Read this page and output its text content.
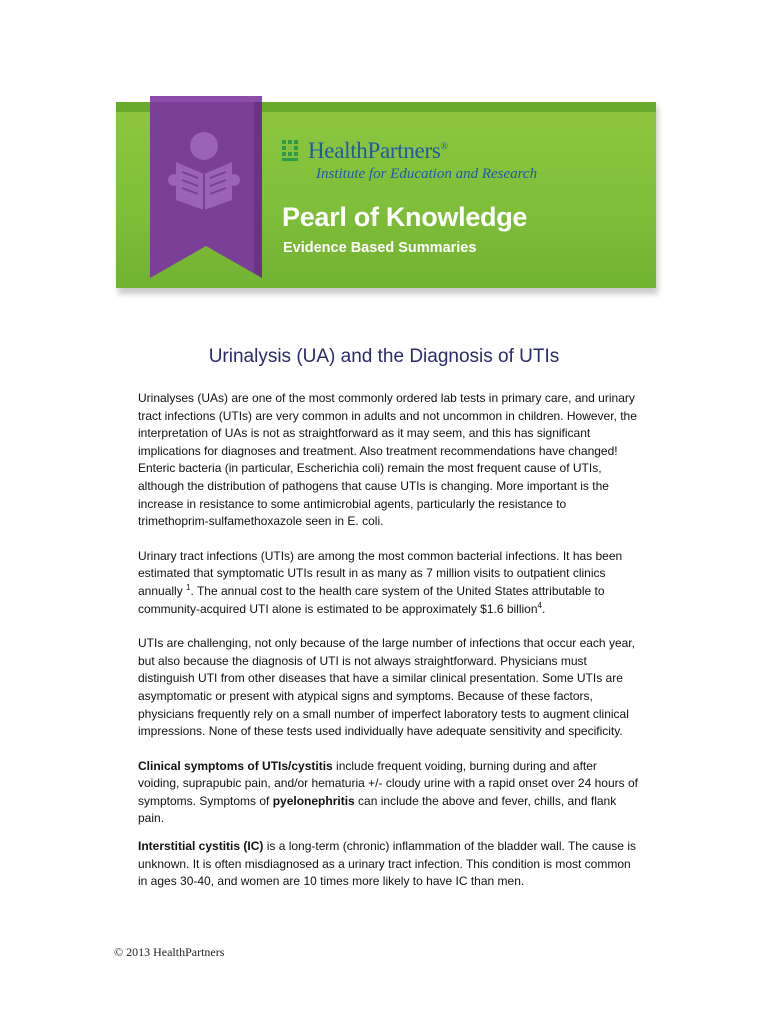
HealthPartners®
Institute for Education and Research
Pearl of Knowledge
Evidence Based Summaries
Urinalysis (UA) and the Diagnosis of UTIs

Urinalyses (UAs) are one of the most commonly ordered lab tests in primary care, and urinary tract infections (UTIs) are very common in adults and not uncommon in children. However, the interpretation of UAs is not as straightforward as it may seem, and this has significant implications for diagnoses and treatment. Also treatment recommendations have changed! Enteric bacteria (in particular, Escherichia coli) remain the most frequent cause of UTIs, although the distribution of pathogens that cause UTIs is changing. More important is the increase in resistance to some antimicrobial agents, particularly the resistance to trimethoprim-sulfamethoxazole seen in E. coli.

Urinary tract infections (UTIs) are among the most common bacterial infections. It has been estimated that symptomatic UTIs result in as many as 7 million visits to outpatient clinics annually $^1$. The annual cost to the health care system of the United States attributable to community-acquired UTI alone is estimated to be approximately $1.6 billion$^4$.

UTIs are challenging, not only because of the large number of infections that occur each year, but also because the diagnosis of UTI is not always straightforward. Physicians must distinguish UTI from other diseases that have a similar clinical presentation. Some UTIs are asymptomatic or present with atypical signs and symptoms. Because of these factors, physicians frequently rely on a small number of imperfect laboratory tests to augment clinical impressions. None of these tests used individually have adequate sensitivity and specificity.

Clinical symptoms of UTIs/cystitis include frequent voiding, burning during and after voiding, suprapubic pain, and/or hematuria +/- cloudy urine with a rapid onset over 24 hours of symptoms. Symptoms of pyelonephritis can include the above and fever, chills, and flank pain.

Interstitial cystitis (IC) is a long-term (chronic) inflammation of the bladder wall. The cause is unknown. It is often misdiagnosed as a urinary tract infection. This condition is most common in ages 30-40, and women are 10 times more likely to have IC than men.

© 2013 HealthPartners
